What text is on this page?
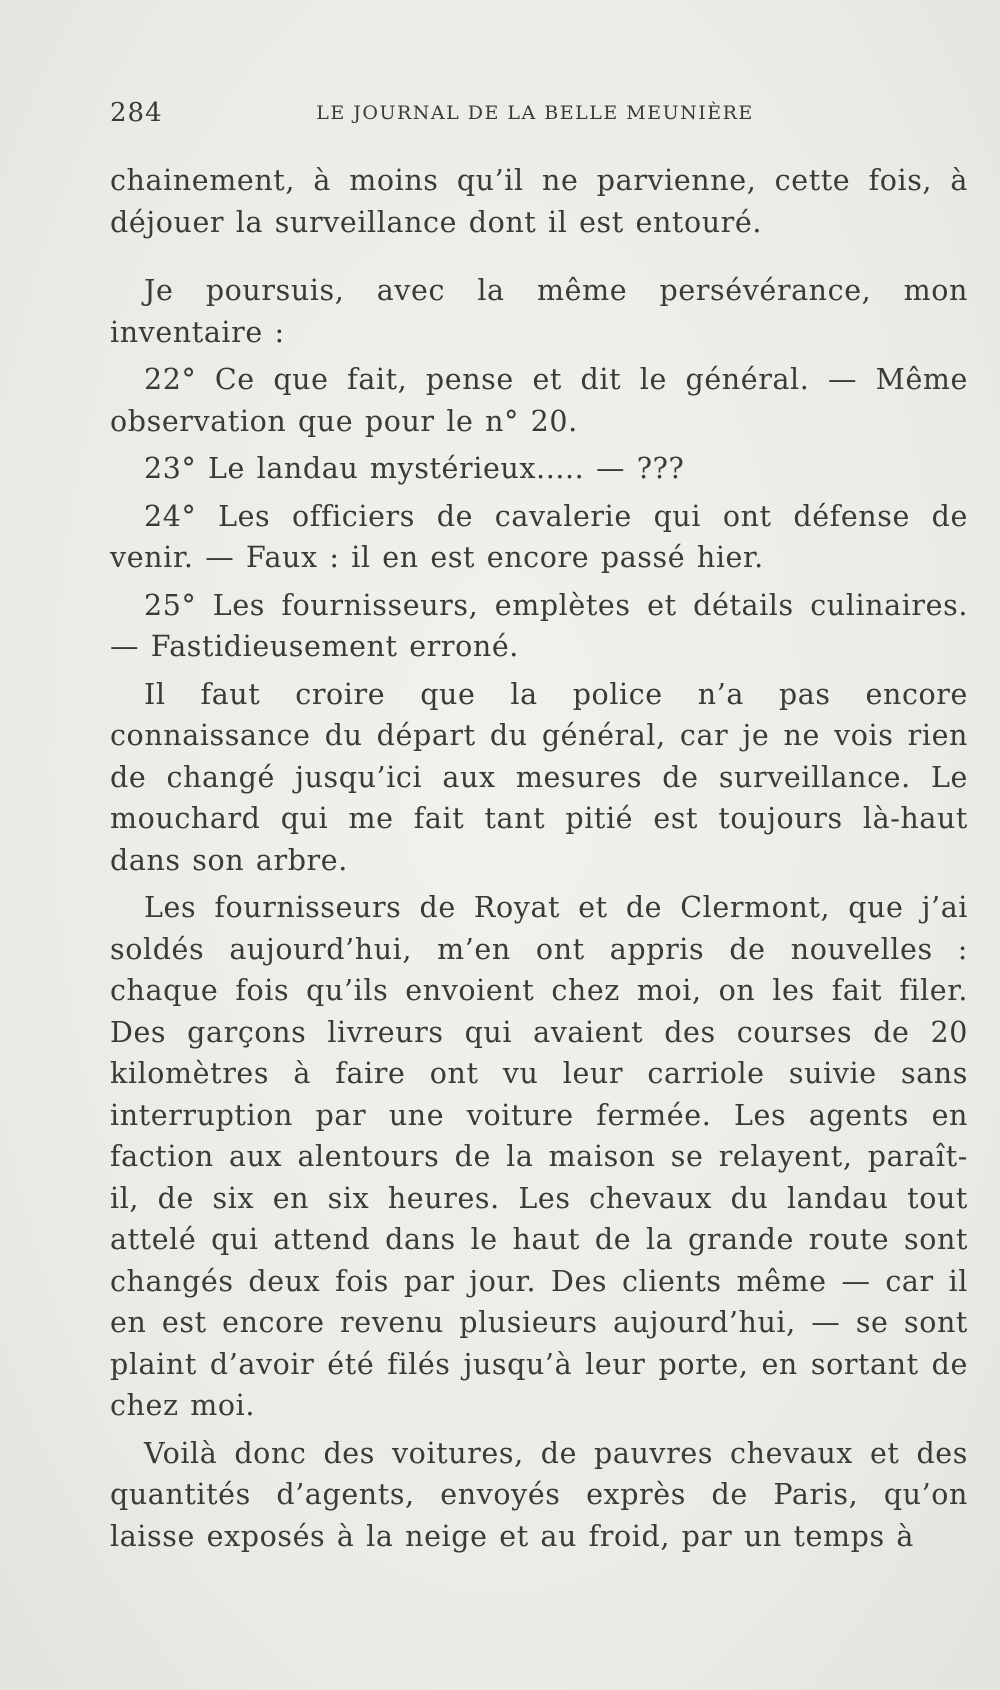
284	LE JOURNAL DE LA BELLE MEUNIÈRE

chainement, à moins qu’il ne parvienne, cette fois, à déjouer la surveillance dont il est entouré.

Je poursuis, avec la même persévérance, mon inventaire :

22° Ce que fait, pense et dit le général. — Même observation que pour le n° 20.

23° Le landau mystérieux..... — ???

24° Les officiers de cavalerie qui ont défense de venir. — Faux : il en est encore passé hier.

25° Les fournisseurs, emplètes et détails culinaires. — Fastidieusement erroné.

Il faut croire que la police n’a pas encore connaissance du départ du général, car je ne vois rien de changé jusqu’ici aux mesures de surveillance. Le mouchard qui me fait tant pitié est toujours là-haut dans son arbre.

Les fournisseurs de Royat et de Clermont, que j’ai soldés aujourd’hui, m’en ont appris de nouvelles : chaque fois qu’ils envoient chez moi, on les fait filer. Des garçons livreurs qui avaient des courses de 20 kilomètres à faire ont vu leur carriole suivie sans interruption par une voiture fermée. Les agents en faction aux alentours de la maison se relayent, paraît-il, de six en six heures. Les chevaux du landau tout attelé qui attend dans le haut de la grande route sont changés deux fois par jour. Des clients même — car il en est encore revenu plusieurs aujourd’hui, — se sont plaint d’avoir été filés jusqu’à leur porte, en sortant de chez moi.

Voilà donc des voitures, de pauvres chevaux et des quantités d’agents, envoyés exprès de Paris, qu’on laisse exposés à la neige et au froid, par un temps à
